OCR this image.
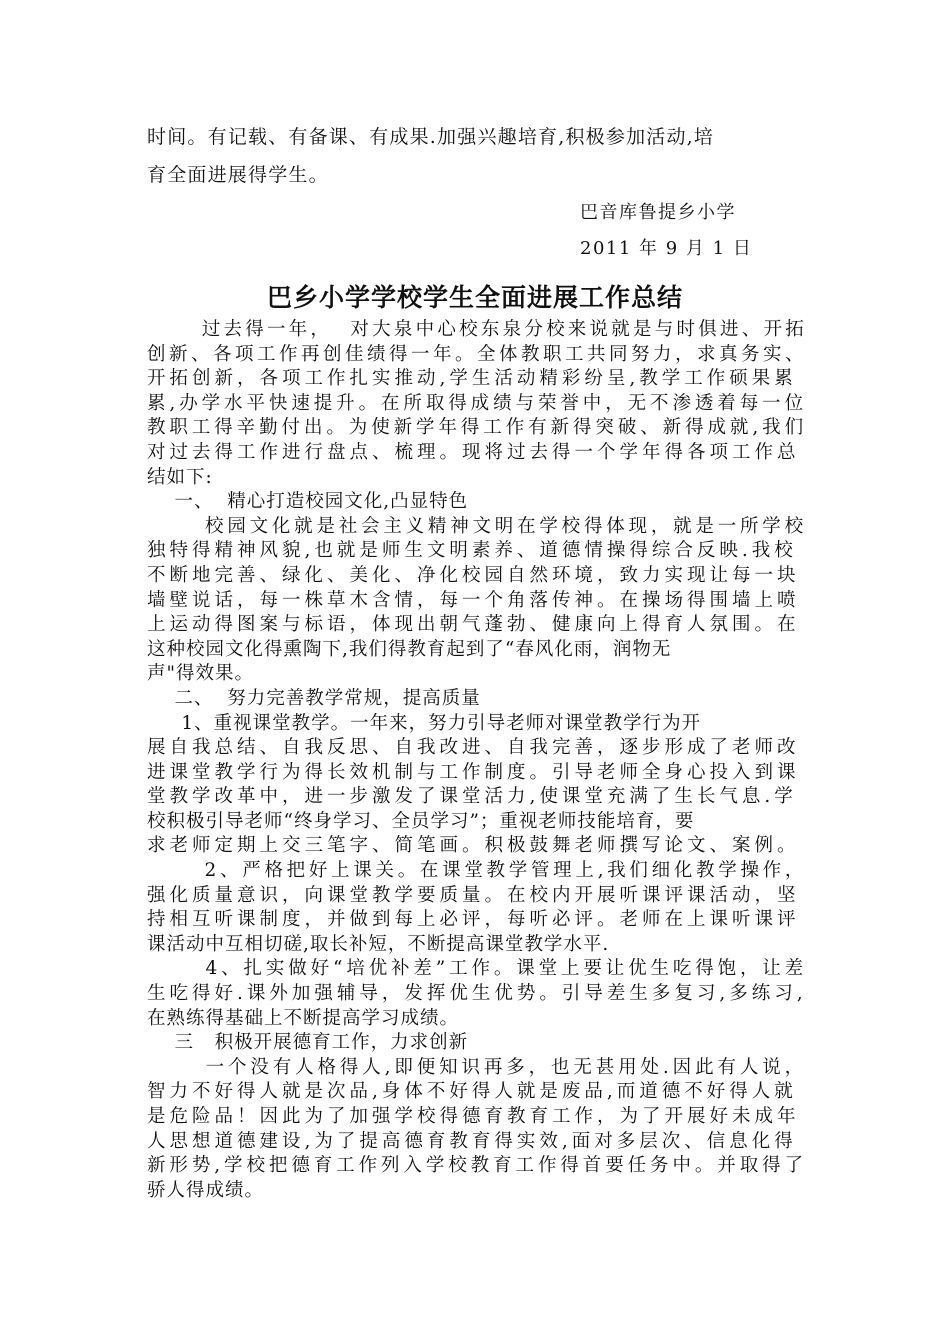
时间。有记载、有备课、有成果.加强兴趣培育,积极参加活动,培
育全面进展得学生。
巴音库鲁提乡小学
2011 年 9 月 1 日
巴乡小学学校学生全面进展工作总结
过去得一年，  对大泉中心校东泉分校来说就是与时俱进、开拓
创新、各项工作再创佳绩得一年。全体教职工共同努力，求真务实、
开拓创新，各项工作扎实推动,学生活动精彩纷呈,教学工作硕果累
累,办学水平快速提升。在所取得成绩与荣誉中，无不渗透着每一位
教职工得辛勤付出。为使新学年得工作有新得突破、新得成就,我们
对过去得工作进行盘点、梳理。现将过去得一个学年得各项工作总
结如下:
一、  精心打造校园文化,凸显特色
校园文化就是社会主义精神文明在学校得体现，就是一所学校
独特得精神风貌,也就是师生文明素养、道德情操得综合反映.我校
不断地完善、绿化、美化、净化校园自然环境，致力实现让每一块
墙壁说话，每一株草木含情，每一个角落传神。在操场得围墙上喷
上运动得图案与标语，体现出朝气蓬勃、健康向上得育人氛围。在
这种校园文化得熏陶下,我们得教育起到了“春风化雨，润物无
声"得效果。
二、  努力完善教学常规，提高质量
1、重视课堂教学。一年来，努力引导老师对课堂教学行为开
展自我总结、自我反思、自我改进、自我完善，逐步形成了老师改
进课堂教学行为得长效机制与工作制度。引导老师全身心投入到课
堂教学改革中，进一步激发了课堂活力,使课堂充满了生长气息.学
校积极引导老师“终身学习、全员学习”；重视老师技能培育，要
求老师定期上交三笔字、简笔画。积极鼓舞老师撰写论文、案例。
2、严格把好上课关。在课堂教学管理上,我们细化教学操作，
强化质量意识，向课堂教学要质量。在校内开展听课评课活动，坚
持相互听课制度，并做到每上必评，每听必评。老师在上课听课评
课活动中互相切磋,取长补短，不断提高课堂教学水平.
4、扎实做好“培优补差”工作。课堂上要让优生吃得饱，让差
生吃得好.课外加强辅导，发挥优生优势。引导差生多复习,多练习,
在熟练得基础上不断提高学习成绩。
三   积极开展德育工作，力求创新
一个没有人格得人,即便知识再多，也无甚用处.因此有人说，
智力不好得人就是次品,身体不好得人就是废品,而道德不好得人就
是危险品！因此为了加强学校得德育教育工作，为了开展好未成年
人思想道德建设,为了提高德育教育得实效,面对多层次、信息化得
新形势,学校把德育工作列入学校教育工作得首要任务中。并取得了
骄人得成绩。
